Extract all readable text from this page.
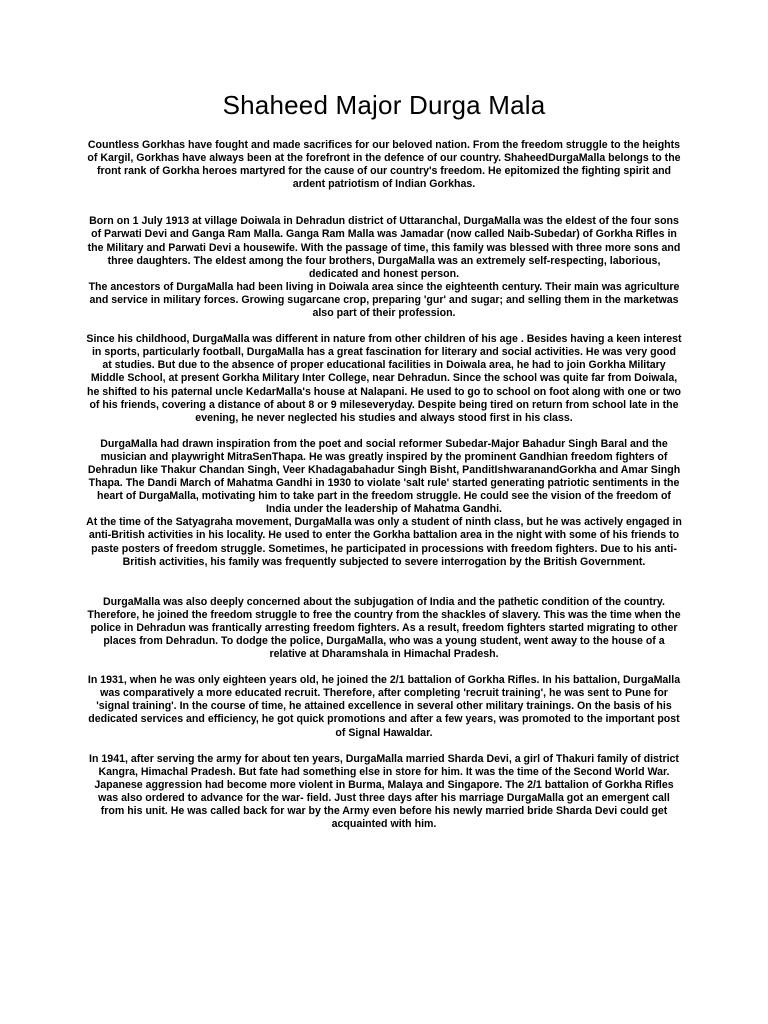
Shaheed Major Durga Mala

Countless Gorkhas have fought and made sacrifices for our beloved nation. From the freedom struggle to the heights of Kargil, Gorkhas have always been at the forefront in the defence of our country. ShaheedDurgaMalla belongs to the front rank of Gorkha heroes martyred for the cause of our country's freedom. He epitomized the fighting spirit and ardent patriotism of Indian Gorkhas.

Born on 1 July 1913 at village Doiwala in Dehradun district of Uttaranchal, DurgaMalla was the eldest of the four sons of Parwati Devi and Ganga Ram Malla. Ganga Ram Malla was Jamadar (now called Naib-Subedar) of Gorkha Rifles in the Military and Parwati Devi a housewife. With the passage of time, this family was blessed with three more sons and three daughters. The eldest among the four brothers, DurgaMalla was an extremely self-respecting, laborious, dedicated and honest person.

The ancestors of DurgaMalla had been living in Doiwala area since the eighteenth century. Their main was agriculture and service in military forces. Growing sugarcane crop, preparing 'gur' and sugar; and selling them in the marketwas also part of their profession.

Since his childhood, DurgaMalla was different in nature from other children of his age . Besides having a keen interest in sports, particularly football, DurgaMalla has a great fascination for literary and social activities. He was very good at studies. But due to the absence of proper educational facilities in Doiwala area, he had to join Gorkha Military Middle School, at present Gorkha Military Inter College, near Dehradun. Since the school was quite far from Doiwala, he shifted to his paternal uncle KedarMalla's house at Nalapani. He used to go to school on foot along with one or two of his friends, covering a distance of about 8 or 9 mileseveryday. Despite being tired on return from school late in the evening, he never neglected his studies and always stood first in his class.

DurgaMalla had drawn inspiration from the poet and social reformer Subedar-Major Bahadur Singh Baral and the musician and playwright MitraSenThapa. He was greatly inspired by the prominent Gandhian freedom fighters of Dehradun like Thakur Chandan Singh, Veer Khadagabahadur Singh Bisht, PanditIshwaranandGorkha and Amar Singh Thapa. The Dandi March of Mahatma Gandhi in 1930 to violate 'salt rule' started generating patriotic sentiments in the heart of DurgaMalla, motivating him to take part in the freedom struggle. He could see the vision of the freedom of India under the leadership of Mahatma Gandhi.

At the time of the Satyagraha movement, DurgaMalla was only a student of ninth class, but he was actively engaged in anti-British activities in his locality. He used to enter the Gorkha battalion area in the night with some of his friends to paste posters of freedom struggle. Sometimes, he participated in processions with freedom fighters. Due to his anti-British activities, his family was frequently subjected to severe interrogation by the British Government.

DurgaMalla was also deeply concerned about the subjugation of India and the pathetic condition of the country. Therefore, he joined the freedom struggle to free the country from the shackles of slavery. This was the time when the police in Dehradun was frantically arresting freedom fighters. As a result, freedom fighters started migrating to other places from Dehradun. To dodge the police, DurgaMalla, who was a young student, went away to the house of a relative at Dharamshala in Himachal Pradesh.

In 1931, when he was only eighteen years old, he joined the 2/1 battalion of Gorkha Rifles. In his battalion, DurgaMalla was comparatively a more educated recruit. Therefore, after completing 'recruit training', he was sent to Pune for 'signal training'. In the course of time, he attained excellence in several other military trainings. On the basis of his dedicated services and efficiency, he got quick promotions and after a few years, was promoted to the important post of Signal Hawaldar.

In 1941, after serving the army for about ten years, DurgaMalla married Sharda Devi, a girl of Thakuri family of district Kangra, Himachal Pradesh. But fate had something else in store for him. It was the time of the Second World War. Japanese aggression had become more violent in Burma, Malaya and Singapore. The 2/1 battalion of Gorkha Rifles was also ordered to advance for the war- field. Just three days after his marriage DurgaMalla got an emergent call from his unit. He was called back for war by the Army even before his newly married bride Sharda Devi could get acquainted with him.
